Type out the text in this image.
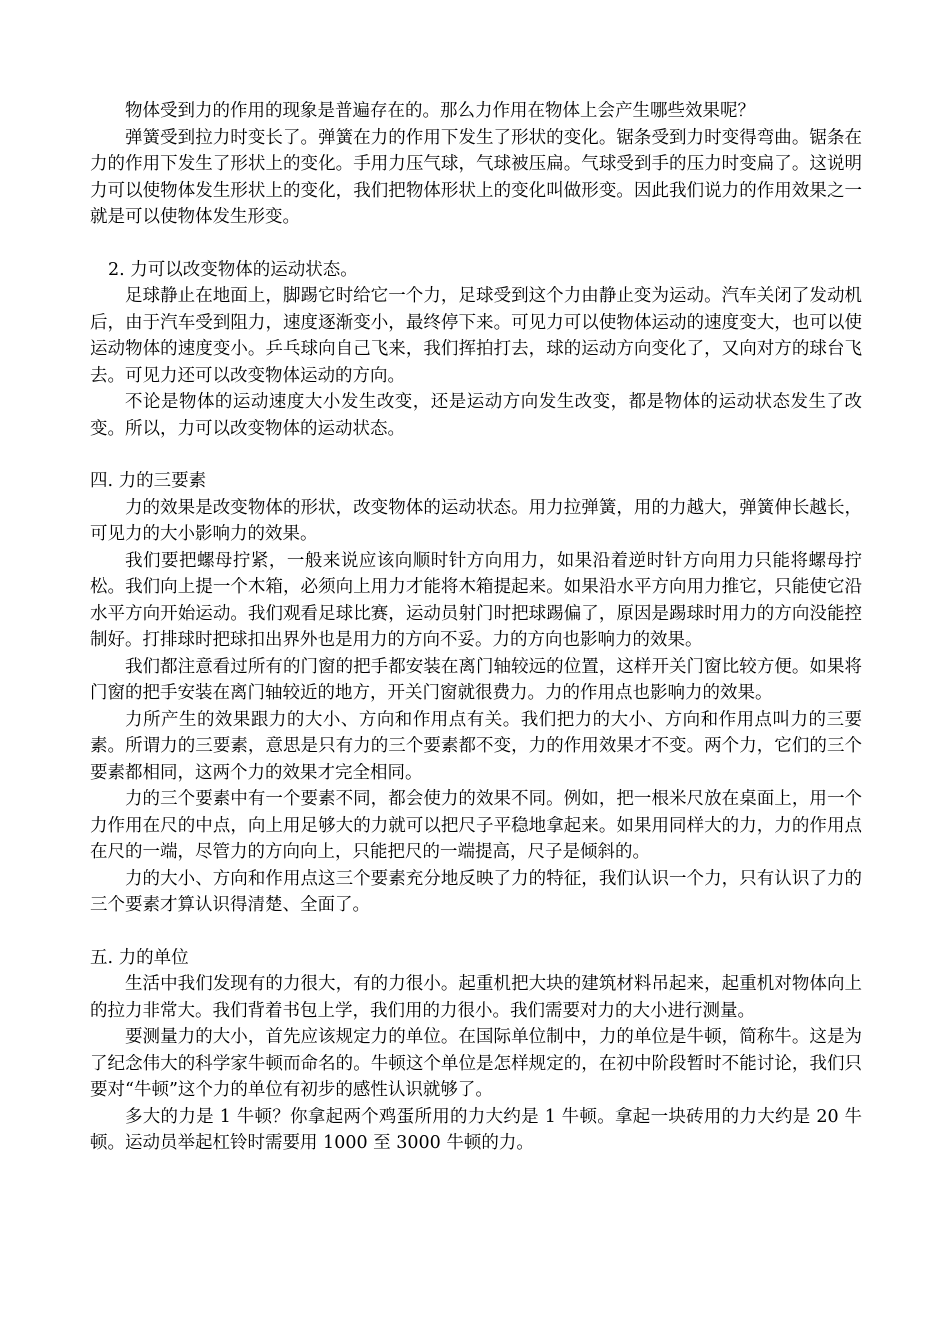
物体受到力的作用的现象是普遍存在的。那么力作用在物体上会产生哪些效果呢？

弹簧受到拉力时变长了。弹簧在力的作用下发生了形状的变化。锯条受到力时变得弯曲。锯条在力的作用下发生了形状上的变化。手用力压气球，气球被压扁。气球受到手的压力时变扁了。这说明力可以使物体发生形状上的变化，我们把物体形状上的变化叫做形变。因此我们说力的作用效果之一就是可以使物体发生形变。

2. 力可以改变物体的运动状态。

足球静止在地面上，脚踢它时给它一个力，足球受到这个力由静止变为运动。汽车关闭了发动机后，由于汽车受到阻力，速度逐渐变小，最终停下来。可见力可以使物体运动的速度变大，也可以使运动物体的速度变小。乒乓球向自己飞来，我们挥拍打去，球的运动方向变化了，又向对方的球台飞去。可见力还可以改变物体运动的方向。

不论是物体的运动速度大小发生改变，还是运动方向发生改变，都是物体的运动状态发生了改变。所以，力可以改变物体的运动状态。

四. 力的三要素

力的效果是改变物体的形状，改变物体的运动状态。用力拉弹簧，用的力越大，弹簧伸长越长，可见力的大小影响力的效果。

我们要把螺母拧紧，一般来说应该向顺时针方向用力，如果沿着逆时针方向用力只能将螺母拧松。我们向上提一个木箱，必须向上用力才能将木箱提起来。如果沿水平方向用力推它，只能使它沿水平方向开始运动。我们观看足球比赛，运动员射门时把球踢偏了，原因是踢球时用力的方向没能控制好。打排球时把球扣出界外也是用力的方向不妥。力的方向也影响力的效果。

我们都注意看过所有的门窗的把手都安装在离门轴较远的位置，这样开关门窗比较方便。如果将门窗的把手安装在离门轴较近的地方，开关门窗就很费力。力的作用点也影响力的效果。

力所产生的效果跟力的大小、方向和作用点有关。我们把力的大小、方向和作用点叫力的三要素。所谓力的三要素，意思是只有力的三个要素都不变，力的作用效果才不变。两个力，它们的三个要素都相同，这两个力的效果才完全相同。

力的三个要素中有一个要素不同，都会使力的效果不同。例如，把一根米尺放在桌面上，用一个力作用在尺的中点，向上用足够大的力就可以把尺子平稳地拿起来。如果用同样大的力，力的作用点在尺的一端，尽管力的方向向上，只能把尺的一端提高，尺子是倾斜的。

力的大小、方向和作用点这三个要素充分地反映了力的特征，我们认识一个力，只有认识了力的三个要素才算认识得清楚、全面了。

五. 力的单位

生活中我们发现有的力很大，有的力很小。起重机把大块的建筑材料吊起来，起重机对物体向上的拉力非常大。我们背着书包上学，我们用的力很小。我们需要对力的大小进行测量。

要测量力的大小，首先应该规定力的单位。在国际单位制中，力的单位是牛顿，简称牛。这是为了纪念伟大的科学家牛顿而命名的。牛顿这个单位是怎样规定的，在初中阶段暂时不能讨论，我们只要对“牛顿”这个力的单位有初步的感性认识就够了。

多大的力是 1 牛顿？你拿起两个鸡蛋所用的力大约是 1 牛顿。拿起一块砖用的力大约是 20 牛顿。运动员举起杠铃时需要用 1000 至 3000 牛顿的力。
